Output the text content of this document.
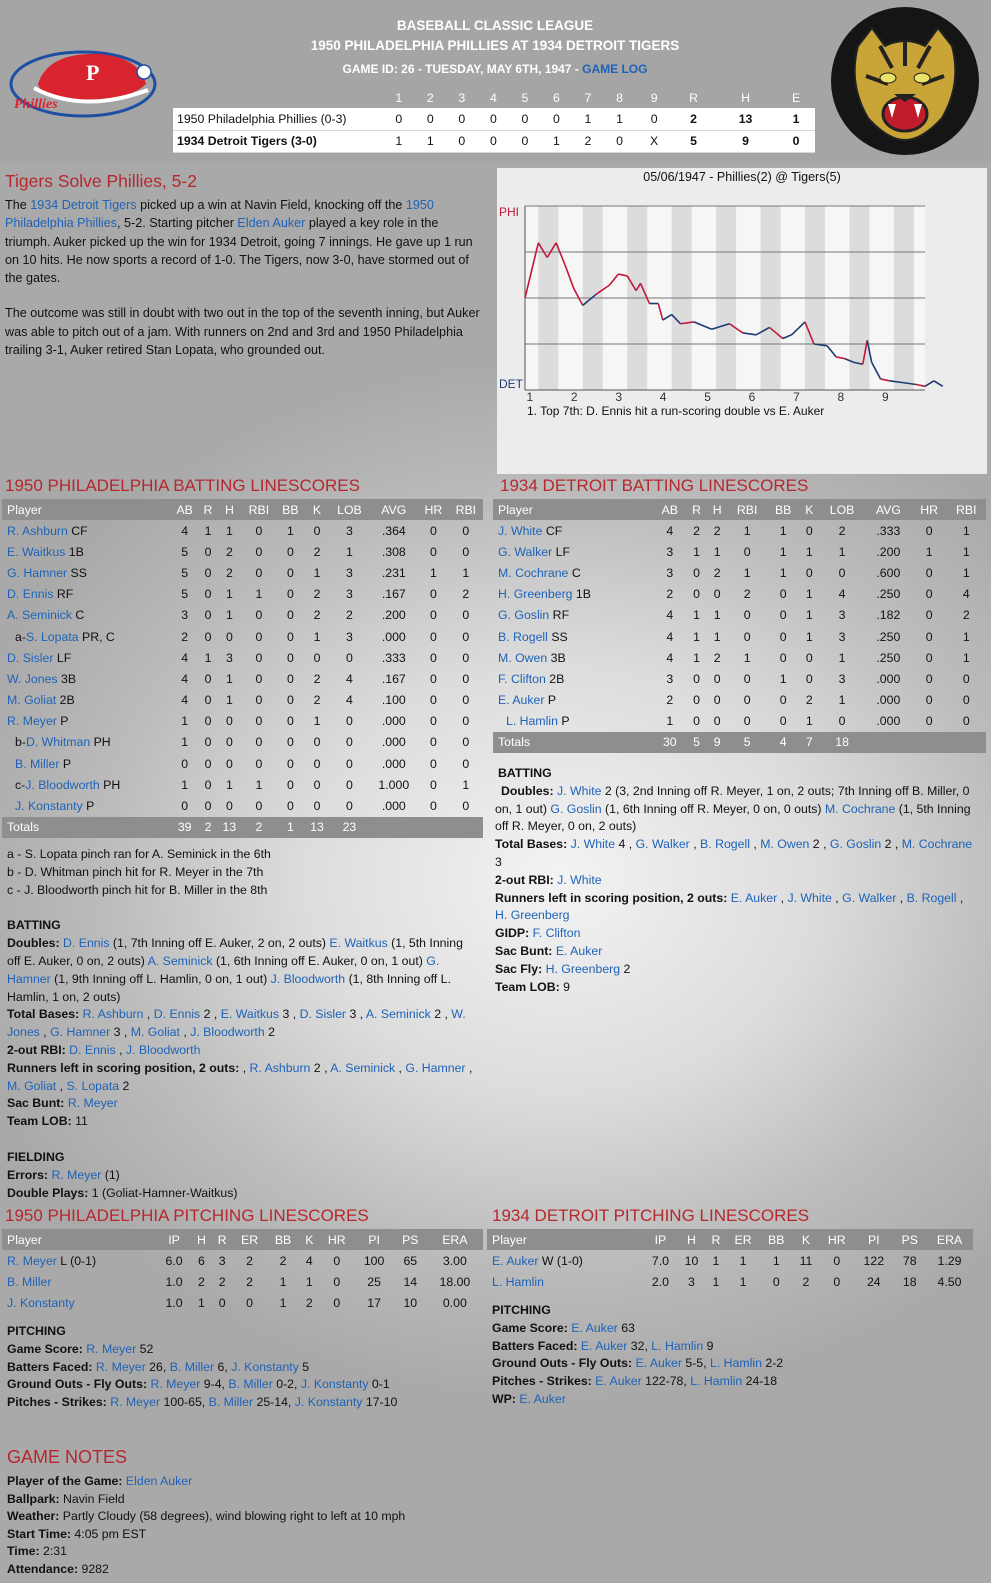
P
Phillies
BASEBALL CLASSIC LEAGUE
1950 PHILADELPHIA PHILLIES AT 1934 DETROIT TIGERS
GAME ID: 26 - TUESDAY, MAY 6TH, 1947 - GAME LOG
	1	2	3	4	5	6	7	8	9	R	H	E
1950 Philadelphia Phillies (0-3)	0	0	0	0	0	0	1	1	0	2	13	1
1934 Detroit Tigers (3-0)	1	1	0	0	0	1	2	0	X	5	9	0
Tigers Solve Phillies, 5-2

The 1934 Detroit Tigers picked up a win at Navin Field, knocking off the 1950 Philadelphia Phillies, 5-2. Starting pitcher Elden Auker played a key role in the triumph. Auker picked up the win for 1934 Detroit, going 7 innings. He gave up 1 run on 10 hits. He now sports a record of 1-0. The Tigers, now 3-0, have stormed out of the gates.

The outcome was still in doubt with two out in the top of the seventh inning, but Auker was able to pitch out of a jam. With runners on 2nd and 3rd and 1950 Philadelphia trailing 3-1, Auker retired Stan Lopata, who grounded out.

05/06/1947 - Phillies(2) @ Tigers(5)
PHI
DET
1	2	3	4	5	6	7	8	9
1. Top 7th: D. Ennis hit a run-scoring double vs E. Auker
1950 PHILADELPHIA BATTING LINESCORES
Player	AB	R	H	RBI	BB	K	LOB	AVG	HR	RBI
R. Ashburn CF	4	1	1	0	1	0	3	.364	0	0
E. Waitkus 1B	5	0	2	0	0	2	1	.308	0	0
G. Hamner SS	5	0	2	0	0	1	3	.231	1	1
D. Ennis RF	5	0	1	1	0	2	3	.167	0	2
A. Seminick C	3	0	1	0	0	2	2	.200	0	0
a-S. Lopata PR, C	2	0	0	0	0	1	3	.000	0	0
D. Sisler LF	4	1	3	0	0	0	0	.333	0	0
W. Jones 3B	4	0	1	0	0	2	4	.167	0	0
M. Goliat 2B	4	0	1	0	0	2	4	.100	0	0
R. Meyer P	1	0	0	0	0	1	0	.000	0	0
b-D. Whitman PH	1	0	0	0	0	0	0	.000	0	0
B. Miller P	0	0	0	0	0	0	0	.000	0	0
c-J. Bloodworth PH	1	0	1	1	0	0	0	1.000	0	1
J. Konstanty P	0	0	0	0	0	0	0	.000	0	0
Totals	39	2	13	2	1	13	23			
1934 DETROIT BATTING LINESCORES
Player	AB	R	H	RBI	BB	K	LOB	AVG	HR	RBI
J. White CF	4	2	2	1	1	0	2	.333	0	1
G. Walker LF	3	1	1	0	1	1	1	.200	1	1
M. Cochrane C	3	0	2	1	1	0	0	.600	0	1
H. Greenberg 1B	2	0	0	2	0	1	4	.250	0	4
G. Goslin RF	4	1	1	0	0	1	3	.182	0	2
B. Rogell SS	4	1	1	0	0	1	3	.250	0	1
M. Owen 3B	4	1	2	1	0	0	1	.250	0	1
F. Clifton 2B	3	0	0	0	1	0	3	.000	0	0
E. Auker P	2	0	0	0	0	2	1	.000	0	0
L. Hamlin P	1	0	0	0	0	1	0	.000	0	0
Totals	30	5	9	5	4	7	18			
a - S. Lopata pinch ran for A. Seminick in the 6th
b - D. Whitman pinch hit for R. Meyer in the 7th
c - J. Bloodworth pinch hit for B. Miller in the 8th
BATTING
Doubles: D. Ennis (1, 7th Inning off E. Auker, 2 on, 2 outs) E. Waitkus (1, 5th Inning off E. Auker, 0 on, 2 outs) A. Seminick (1, 6th Inning off E. Auker, 0 on, 1 out) G. Hamner (1, 9th Inning off L. Hamlin, 0 on, 1 out) J. Bloodworth (1, 8th Inning off L. Hamlin, 1 on, 2 outs)
Total Bases: R. Ashburn , D. Ennis 2 , E. Waitkus 3 , D. Sisler 3 , A. Seminick 2 , W. Jones , G. Hamner 3 , M. Goliat , J. Bloodworth 2
2-out RBI: D. Ennis , J. Bloodworth
Runners left in scoring position, 2 outs: , R. Ashburn 2 , A. Seminick , G. Hamner , M. Goliat , S. Lopata 2
Sac Bunt: R. Meyer
Team LOB: 11
FIELDING
Errors: R. Meyer (1)
Double Plays: 1 (Goliat-Hamner-Waitkus)
BATTING
Doubles: J. White 2 (3, 2nd Inning off R. Meyer, 1 on, 2 outs; 7th Inning off B. Miller, 0 on, 1 out) G. Goslin (1, 6th Inning off R. Meyer, 0 on, 0 outs) M. Cochrane (1, 5th Inning off R. Meyer, 0 on, 2 outs)
Total Bases: J. White 4 , G. Walker , B. Rogell , M. Owen 2 , G. Goslin 2 , M. Cochrane 3
2-out RBI: J. White
Runners left in scoring position, 2 outs: E. Auker , J. White , G. Walker , B. Rogell , H. Greenberg
GIDP: F. Clifton
Sac Bunt: E. Auker
Sac Fly: H. Greenberg 2
Team LOB: 9
1950 PHILADELPHIA PITCHING LINESCORES
Player	IP	H	R	ER	BB	K	HR	PI	PS	ERA
R. Meyer L (0-1)	6.0	6	3	2	2	4	0	100	65	3.00
B. Miller	1.0	2	2	2	1	1	0	25	14	18.00
J. Konstanty	1.0	1	0	0	1	2	0	17	10	0.00
PITCHING
Game Score: R. Meyer 52
Batters Faced: R. Meyer 26, B. Miller 6, J. Konstanty 5
Ground Outs - Fly Outs: R. Meyer 9-4, B. Miller 0-2, J. Konstanty 0-1
Pitches - Strikes: R. Meyer 100-65, B. Miller 25-14, J. Konstanty 17-10
1934 DETROIT PITCHING LINESCORES
Player	IP	H	R	ER	BB	K	HR	PI	PS	ERA
E. Auker W (1-0)	7.0	10	1	1	1	11	0	122	78	1.29
L. Hamlin	2.0	3	1	1	0	2	0	24	18	4.50
PITCHING
Game Score: E. Auker 63
Batters Faced: E. Auker 32, L. Hamlin 9
Ground Outs - Fly Outs: E. Auker 5-5, L. Hamlin 2-2
Pitches - Strikes: E. Auker 122-78, L. Hamlin 24-18
WP: E. Auker
GAME NOTES
Player of the Game: Elden Auker
Ballpark: Navin Field
Weather: Partly Cloudy (58 degrees), wind blowing right to left at 10 mph
Start Time: 4:05 pm EST
Time: 2:31
Attendance: 9282
